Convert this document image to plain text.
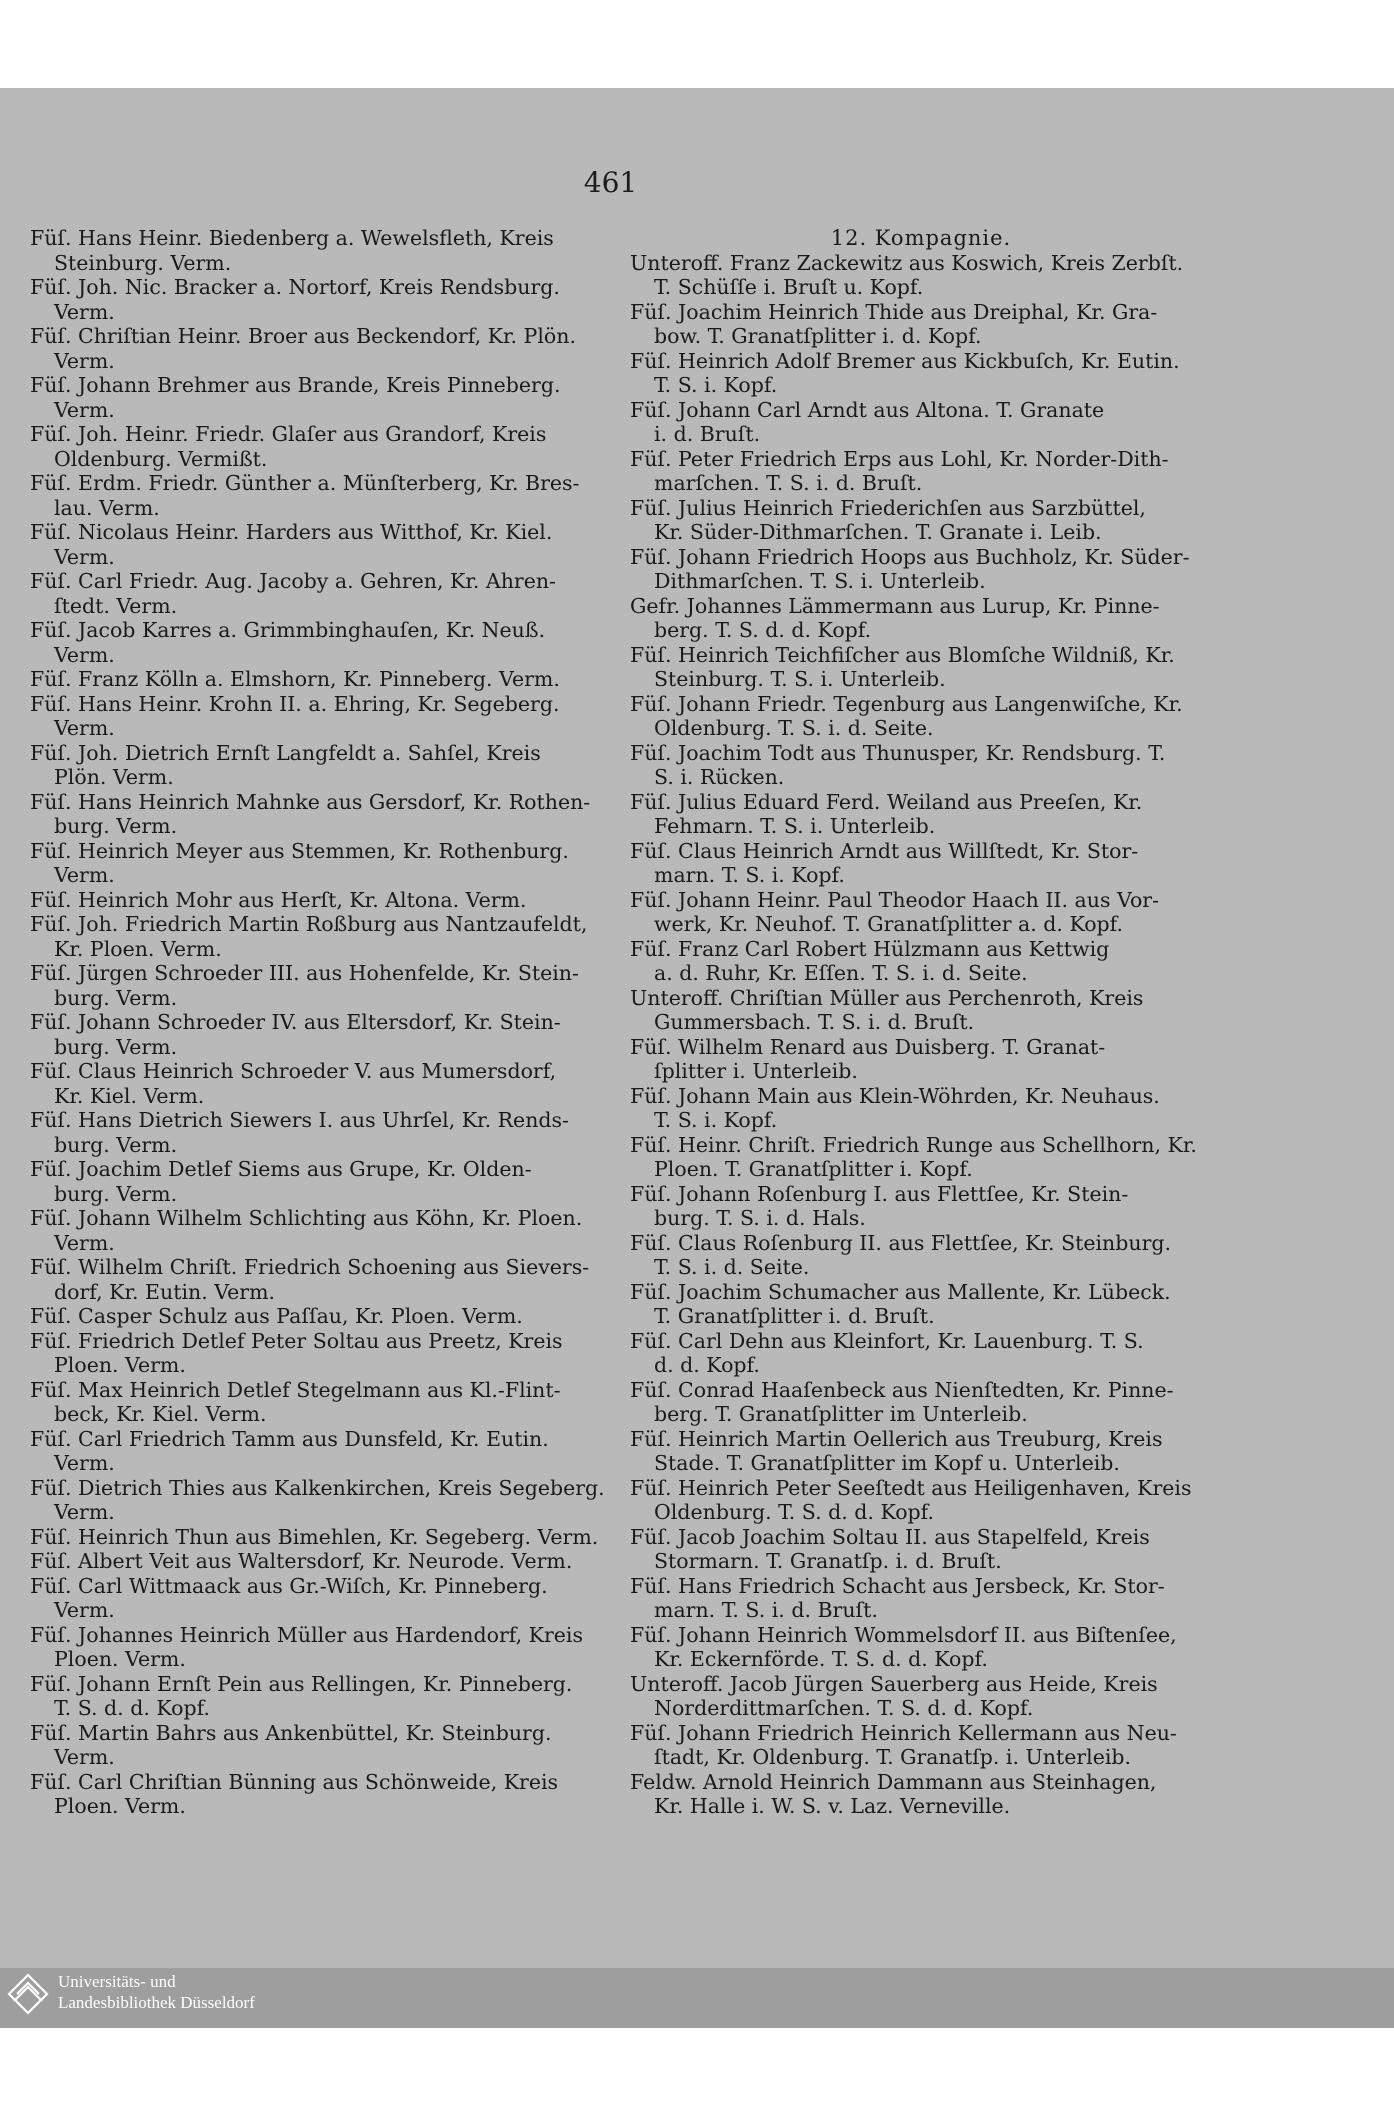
461

Füſ. Hans Heinr. Biedenberg a. Wewelsfleth, Kreis
Steinburg. Verm.

Füſ. Joh. Nic. Bracker a. Nortorf, Kreis Rendsburg.
Verm.

Füſ. Chriſtian Heinr. Broer aus Beckendorf, Kr. Plön.
Verm.

Füſ. Johann Brehmer aus Brande, Kreis Pinneberg.
Verm.

Füſ. Joh. Heinr. Friedr. Glaſer aus Grandorf, Kreis
Oldenburg. Vermißt.

Füſ. Erdm. Friedr. Günther a. Münſterberg, Kr. Bres-
lau. Verm.

Füſ. Nicolaus Heinr. Harders aus Witthof, Kr. Kiel.
Verm.

Füſ. Carl Friedr. Aug. Jacoby a. Gehren, Kr. Ahren-
ſtedt. Verm.

Füſ. Jacob Karres a. Grimmbinghauſen, Kr. Neuß.
Verm.

Füſ. Franz Kölln a. Elmshorn, Kr. Pinneberg. Verm.

Füſ. Hans Heinr. Krohn II. a. Ehring, Kr. Segeberg.
Verm.

Füſ. Joh. Dietrich Ernſt Langfeldt a. Sahſel, Kreis
Plön. Verm.

Füſ. Hans Heinrich Mahnke aus Gersdorf, Kr. Rothen-
burg. Verm.

Füſ. Heinrich Meyer aus Stemmen, Kr. Rothenburg.
Verm.

Füſ. Heinrich Mohr aus Herſt, Kr. Altona. Verm.

Füſ. Joh. Friedrich Martin Roßburg aus Nantzaufeldt,
Kr. Ploen. Verm.

Füſ. Jürgen Schroeder III. aus Hohenfelde, Kr. Stein-
burg. Verm.

Füſ. Johann Schroeder IV. aus Eltersdorf, Kr. Stein-
burg. Verm.

Füſ. Claus Heinrich Schroeder V. aus Mumersdorf,
Kr. Kiel. Verm.

Füſ. Hans Dietrich Siewers I. aus Uhrſel, Kr. Rends-
burg. Verm.

Füſ. Joachim Detlef Siems aus Grupe, Kr. Olden-
burg. Verm.

Füſ. Johann Wilhelm Schlichting aus Köhn, Kr. Ploen.
Verm.

Füſ. Wilhelm Chriſt. Friedrich Schoening aus Sievers-
dorf, Kr. Eutin. Verm.

Füſ. Casper Schulz aus Paſſau, Kr. Ploen. Verm.

Füſ. Friedrich Detlef Peter Soltau aus Preetz, Kreis
Ploen. Verm.

Füſ. Max Heinrich Detlef Stegelmann aus Kl.-Flint-
beck, Kr. Kiel. Verm.

Füſ. Carl Friedrich Tamm aus Dunsfeld, Kr. Eutin.
Verm.

Füſ. Dietrich Thies aus Kalkenkirchen, Kreis Segeberg.
Verm.

Füſ. Heinrich Thun aus Bimehlen, Kr. Segeberg. Verm.

Füſ. Albert Veit aus Waltersdorf, Kr. Neurode. Verm.

Füſ. Carl Wittmaack aus Gr.-Wiſch, Kr. Pinneberg.
Verm.

Füſ. Johannes Heinrich Müller aus Hardendorf, Kreis
Ploen. Verm.

Füſ. Johann Ernſt Pein aus Rellingen, Kr. Pinneberg.
T. S. d. d. Kopf.

Füſ. Martin Bahrs aus Ankenbüttel, Kr. Steinburg.
Verm.

Füſ. Carl Chriſtian Bünning aus Schönweide, Kreis
Ploen. Verm.

12. Kompagnie.

Unteroff. Franz Zackewitz aus Koswich, Kreis Zerbſt.
T. Schüſſe i. Bruſt u. Kopf.

Füſ. Joachim Heinrich Thide aus Dreiphal, Kr. Gra-
bow. T. Granatſplitter i. d. Kopf.

Füſ. Heinrich Adolf Bremer aus Kickbuſch, Kr. Eutin.
T. S. i. Kopf.

Füſ. Johann Carl Arndt aus Altona. T. Granate
i. d. Bruſt.

Füſ. Peter Friedrich Erps aus Lohl, Kr. Norder-Dith-
marſchen. T. S. i. d. Bruſt.

Füſ. Julius Heinrich Friederichſen aus Sarzbüttel,
Kr. Süder-Dithmarſchen. T. Granate i. Leib.

Füſ. Johann Friedrich Hoops aus Buchholz, Kr. Süder-
Dithmarſchen. T. S. i. Unterleib.

Gefr. Johannes Lämmermann aus Lurup, Kr. Pinne-
berg. T. S. d. d. Kopf.

Füſ. Heinrich Teichfiſcher aus Blomſche Wildniß, Kr.
Steinburg. T. S. i. Unterleib.

Füſ. Johann Friedr. Tegenburg aus Langenwiſche, Kr.
Oldenburg. T. S. i. d. Seite.

Füſ. Joachim Todt aus Thunusper, Kr. Rendsburg. T.
S. i. Rücken.

Füſ. Julius Eduard Ferd. Weiland aus Preeſen, Kr.
Fehmarn. T. S. i. Unterleib.

Füſ. Claus Heinrich Arndt aus Willſtedt, Kr. Stor-
marn. T. S. i. Kopf.

Füſ. Johann Heinr. Paul Theodor Haach II. aus Vor-
werk, Kr. Neuhof. T. Granatſplitter a. d. Kopf.

Füſ. Franz Carl Robert Hülzmann aus Kettwig
a. d. Ruhr, Kr. Eſſen. T. S. i. d. Seite.

Unteroff. Chriſtian Müller aus Perchenroth, Kreis
Gummersbach. T. S. i. d. Bruſt.

Füſ. Wilhelm Renard aus Duisberg. T. Granat-
ſplitter i. Unterleib.

Füſ. Johann Main aus Klein-Wöhrden, Kr. Neuhaus.
T. S. i. Kopf.

Füſ. Heinr. Chriſt. Friedrich Runge aus Schellhorn, Kr.
Ploen. T. Granatſplitter i. Kopf.

Füſ. Johann Roſenburg I. aus Flettſee, Kr. Stein-
burg. T. S. i. d. Hals.

Füſ. Claus Roſenburg II. aus Flettſee, Kr. Steinburg.
T. S. i. d. Seite.

Füſ. Joachim Schumacher aus Mallente, Kr. Lübeck.
T. Granatſplitter i. d. Bruſt.

Füſ. Carl Dehn aus Kleinfort, Kr. Lauenburg. T. S.
d. d. Kopf.

Füſ. Conrad Haaſenbeck aus Nienſtedten, Kr. Pinne-
berg. T. Granatſplitter im Unterleib.

Füſ. Heinrich Martin Oellerich aus Treuburg, Kreis
Stade. T. Granatſplitter im Kopf u. Unterleib.

Füſ. Heinrich Peter Seeſtedt aus Heiligenhaven, Kreis
Oldenburg. T. S. d. d. Kopf.

Füſ. Jacob Joachim Soltau II. aus Stapelfeld, Kreis
Stormarn. T. Granatſp. i. d. Bruſt.

Füſ. Hans Friedrich Schacht aus Jersbeck, Kr. Stor-
marn. T. S. i. d. Bruſt.

Füſ. Johann Heinrich Wommelsdorf II. aus Biſtenſee,
Kr. Eckernförde. T. S. d. d. Kopf.

Unteroff. Jacob Jürgen Sauerberg aus Heide, Kreis
Norderdittmarſchen. T. S. d. d. Kopf.

Füſ. Johann Friedrich Heinrich Kellermann aus Neu-
ſtadt, Kr. Oldenburg. T. Granatſp. i. Unterleib.

Feldw. Arnold Heinrich Dammann aus Steinhagen,
Kr. Halle i. W. S. v. Laz. Verneville.

Universitäts- und
Landesbibliothek Düsseldorf
